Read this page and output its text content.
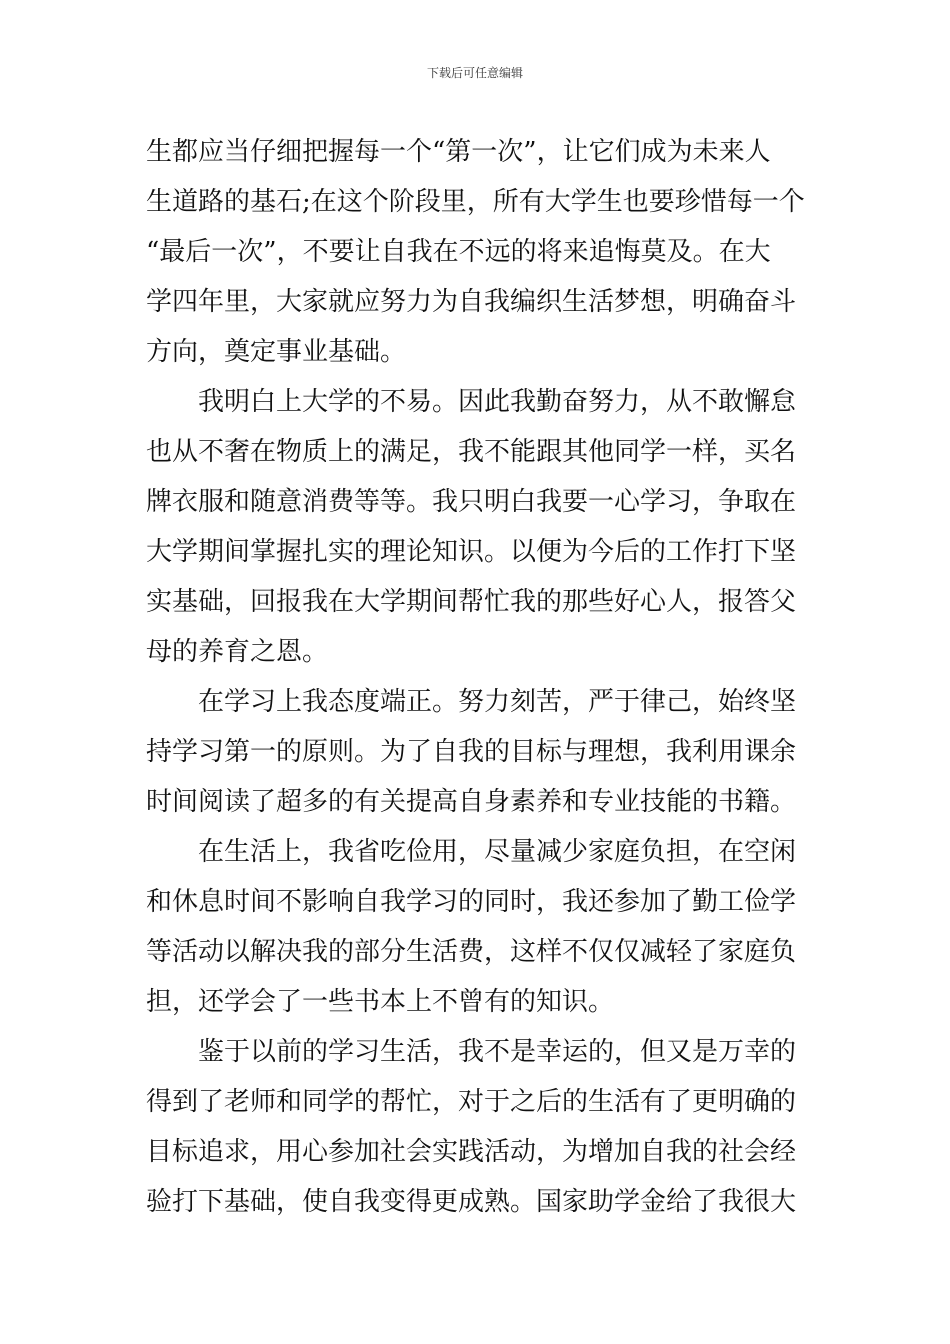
下载后可任意编辑

生都应当仔细把握每一个“第一次”，让它们成为未来人
生道路的基石;在这个阶段里，所有大学生也要珍惜每一个
“最后一次”，不要让自我在不远的将来追悔莫及。在大
学四年里，大家就应努力为自我编织生活梦想，明确奋斗
方向，奠定事业基础。

我明白上大学的不易。因此我勤奋努力，从不敢懈怠
也从不奢在物质上的满足，我不能跟其他同学一样，买名
牌衣服和随意消费等等。我只明白我要一心学习，争取在
大学期间掌握扎实的理论知识。以便为今后的工作打下坚
实基础，回报我在大学期间帮忙我的那些好心人，报答父
母的养育之恩。

在学习上我态度端正。努力刻苦，严于律己，始终坚
持学习第一的原则。为了自我的目标与理想，我利用课余
时间阅读了超多的有关提高自身素养和专业技能的书籍。

在生活上，我省吃俭用，尽量减少家庭负担，在空闲
和休息时间不影响自我学习的同时，我还参加了勤工俭学
等活动以解决我的部分生活费，这样不仅仅减轻了家庭负
担，还学会了一些书本上不曾有的知识。

鉴于以前的学习生活，我不是幸运的，但又是万幸的
得到了老师和同学的帮忙，对于之后的生活有了更明确的
目标追求，用心参加社会实践活动，为增加自我的社会经
验打下基础，使自我变得更成熟。国家助学金给了我很大
